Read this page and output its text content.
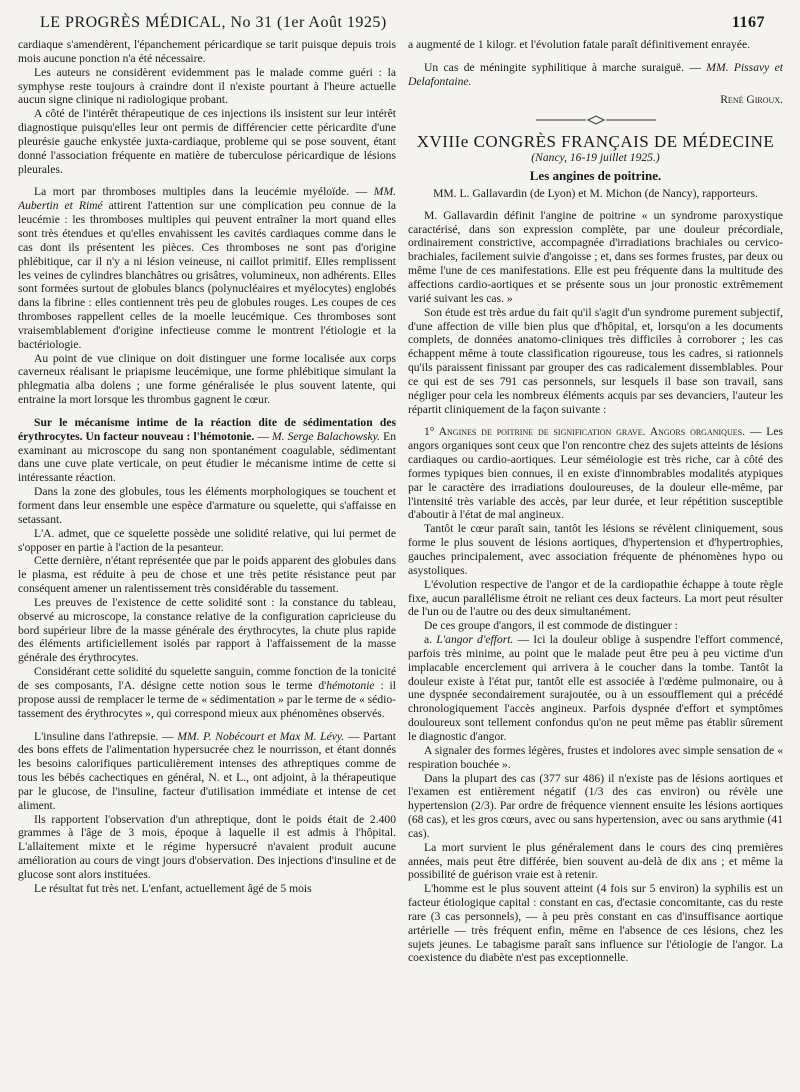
LE PROGRÈS MÉDICAL, No 31 (1er Août 1925)	1167

cardiaque s'amendèrent, l'épanchement péricardique se tarit puisque depuis trois mois aucune ponction n'a été nécessaire.

Les auteurs ne considèrent evidemment pas le malade comme guéri : la symphyse reste toujours à craindre dont il n'existe pourtant à l'heure actuelle aucun signe clinique ni radiologique probant.

A côté de l'intérêt thérapeutique de ces injections ils insistent sur leur intérêt diagnostique puisqu'elles leur ont permis de différencier cette péricardite d'une pleurésie gauche enkystée juxta-cardiaque, probleme qui se pose souvent, étant donné l'association fréquente en matière de tuberculose péricardique de lésions pleurales.

La mort par thromboses multiples dans la leucémie myéloïde. — MM. Aubertin et Rimé attirent l'attention sur une complication peu connue de la leucémie : les thromboses multiples qui peuvent entraîner la mort quand elles sont très étendues et qu'elles envahissent les cavités cardiaques comme dans le cas dont ils présentent les pièces. Ces thromboses ne sont pas d'origine phlébitique, car il n'y a ni lésion veineuse, ni caillot primitif. Elles remplissent les veines de cylindres blanchâtres ou grisâtres, volumineux, non adhérents. Elles sont formées surtout de globules blancs (polynucléaires et myélocytes) englobés dans la fibrine : elles contiennent très peu de globules rouges. Les coupes de ces thromboses rappellent celles de la moelle leucémique. Ces thromboses sont vraisemblablement d'origine infectieuse comme le montrent l'étiologie et la bactériologie.

Au point de vue clinique on doit distinguer une forme localisée aux corps caverneux réalisant le priapisme leucémique, une forme phlébitique simulant la phlegmatia alba dolens ; une forme généralisée le plus souvent latente, qui entraine la mort lorsque les thrombus gagnent le cœur.

Sur le mécanisme intime de la réaction dite de sédimentation des érythrocytes. Un facteur nouveau : l'hémotonie. — M. Serge Balachowsky. En examinant au microscope du sang non spontanément coagulable, sédimentant dans une cuve plate verticale, on peut étudier le mécanisme intime de cette si intéressante réaction.

Dans la zone des globules, tous les éléments morphologiques se touchent et forment dans leur ensemble une espèce d'armature ou squelette, qui s'affaisse en setassant.

L'A. admet, que ce squelette possède une solidité relative, qui lui permet de s'opposer en partie à l'action de la pesanteur.

Cette dernière, n'étant représentée que par le poids apparent des globules dans le plasma, est réduite à peu de chose et une très petite résistance peut par conséquent amener un ralentissement très considérable du tassement.

Les preuves de l'existence de cette solidité sont : la constance du tableau, observé au microscope, la constance relative de la configuration capricieuse du bord supérieur libre de la masse générale des érythrocytes, la chute plus rapide des éléments artificiellement isolés par rapport à l'affaissement de la masse générale des érythrocytes.

Considérant cette solidité du squelette sanguin, comme fonction de la tonicité de ses composants, l'A. désigne cette notion sous le terme d'hémotonie : il propose aussi de remplacer le terme de « sédimentation » par le terme de « sédio-tassement des érythrocytes », qui correspond mieux aux phénomènes observés.

L'insuline dans l'athrepsie. — MM. P. Nobécourt et Max M. Lévy. — Partant des bons effets de l'alimentation hypersucrée chez le nourrisson, et étant donnés les besoins calorifiques particulièrement intenses des athreptiques comme de tous les bébés cachectiques en général, N. et L., ont adjoint, à la thérapeutique par le glucose, de l'insuline, facteur d'utilisation immédiate et intense de cet aliment.

Ils rapportent l'observation d'un athreptique, dont le poids était de 2.400 grammes à l'âge de 3 mois, époque à laquelle il est admis à l'hôpital. L'allaitement mixte et le régime hypersucré n'avaient produit aucune amélioration au cours de vingt jours d'observation. Des injections d'insuline et de glucose sont alors instituées.

Le résultat fut très net. L'enfant, actuellement âgé de 5 mois

a augmenté de 1 kilogr. et l'évolution fatale paraît définitivement enrayée.

Un cas de méningite syphilitique à marche suraiguë. — MM. Pissavy et Delafontaine.

René Giroux.
XVIIIe CONGRÈS FRANÇAIS DE MÉDECINE
(Nancy, 16-19 juillet 1925.)
Les angines de poitrine.
MM. L. Gallavardin (de Lyon) et M. Michon (de Nancy), rapporteurs.

M. Gallavardin définit l'angine de poitrine « un syndrome paroxystique caractérisé, dans son expression complète, par une douleur précordiale, ordinairement constrictive, accompagnée d'irradiations brachiales ou cervico-brachiales, facilement suivie d'angoisse ; et, dans ses formes frustes, par deux ou même l'une de ces manifestations. Elle est peu fréquente dans la multitude des affections cardio-aortiques et se présente sous un jour pronostic extrêmement varié suivant les cas. »

Son étude est très ardue du fait qu'il s'agit d'un syndrome purement subjectif, d'une affection de ville bien plus que d'hôpital, et, lorsqu'on a les documents complets, de données anatomo-cliniques très difficiles à corroborer ; les cas échappent même à toute classification rigoureuse, tous les cadres, si rationnels qu'ils paraissent finissant par grouper des cas radicalement dissemblables. Pour ce qui est de ses 791 cas personnels, sur lesquels il base son travail, sans négliger pour cela les nombreux éléments acquis par ses devanciers, l'auteur les répartit cliniquement de la façon suivante :

1° Angines de poitrine de signification grave. Angors organiques. — Les angors organiques sont ceux que l'on rencontre chez des sujets atteints de lésions cardiaques ou cardio-aortiques. Leur séméiologie est très riche, car à côté des formes typiques bien connues, il en existe d'innombrables modalités atypiques par le caractère des irradiations douloureuses, de la douleur elle-même, par l'intensité très variable des accès, par leur durée, et leur répétition susceptible d'aboutir à l'état de mal angineux.

Tantôt le cœur paraît sain, tantôt les lésions se révèlent cliniquement, sous forme le plus souvent de lésions aortiques, d'hypertension et d'hypertrophies, gauches principalement, avec association fréquente de phénomènes hypo ou asystoliques.

L'évolution respective de l'angor et de la cardiopathie échappe à toute règle fixe, aucun parallélisme étroit ne reliant ces deux facteurs. La mort peut résulter de l'un ou de l'autre ou des deux simultanément.

De ces groupe d'angors, il est commode de distinguer :

a. L'angor d'effort. — Ici la douleur oblige à suspendre l'effort commencé, parfois très minime, au point que le malade peut être peu à peu victime d'un implacable encerclement qui arrivera à le coucher dans la tombe. Tantôt la douleur existe à l'état pur, tantôt elle est associée à l'œdème pulmonaire, ou à une dyspnée secondairement surajoutée, ou à un essoufflement qui a précédé chronologiquement l'accès angineux. Parfois dyspnée d'effort et symptômes douloureux sont tellement confondus qu'on ne peut même pas établir sûrement le diagnostic d'angor.

A signaler des formes légères, frustes et indolores avec simple sensation de « respiration bouchée ».

Dans la plupart des cas (377 sur 486) il n'existe pas de lésions aortiques et l'examen est entièrement négatif (1/3 des cas environ) ou révèle une hypertension (2/3). Par ordre de fréquence viennent ensuite les lésions aortiques (68 cas), et les gros cœurs, avec ou sans hypertension, avec ou sans arythmie (41 cas).

La mort survient le plus généralement dans le cours des cinq premières années, mais peut être différée, bien souvent au-delà de dix ans ; et même la possibilité de guérison vraie est à retenir.

L'homme est le plus souvent atteint (4 fois sur 5 environ) la syphilis est un facteur étiologique capital : constant en cas, d'ectasie concomitante, cas du reste rare (3 cas personnels), — à peu près constant en cas d'insuffisance aortique artérielle — très fréquent enfin, même en l'absence de ces lésions, chez les sujets jeunes. Le tabagisme paraît sans influence sur l'étiologie de l'angor. La coexistence du diabète n'est pas exceptionnelle.
